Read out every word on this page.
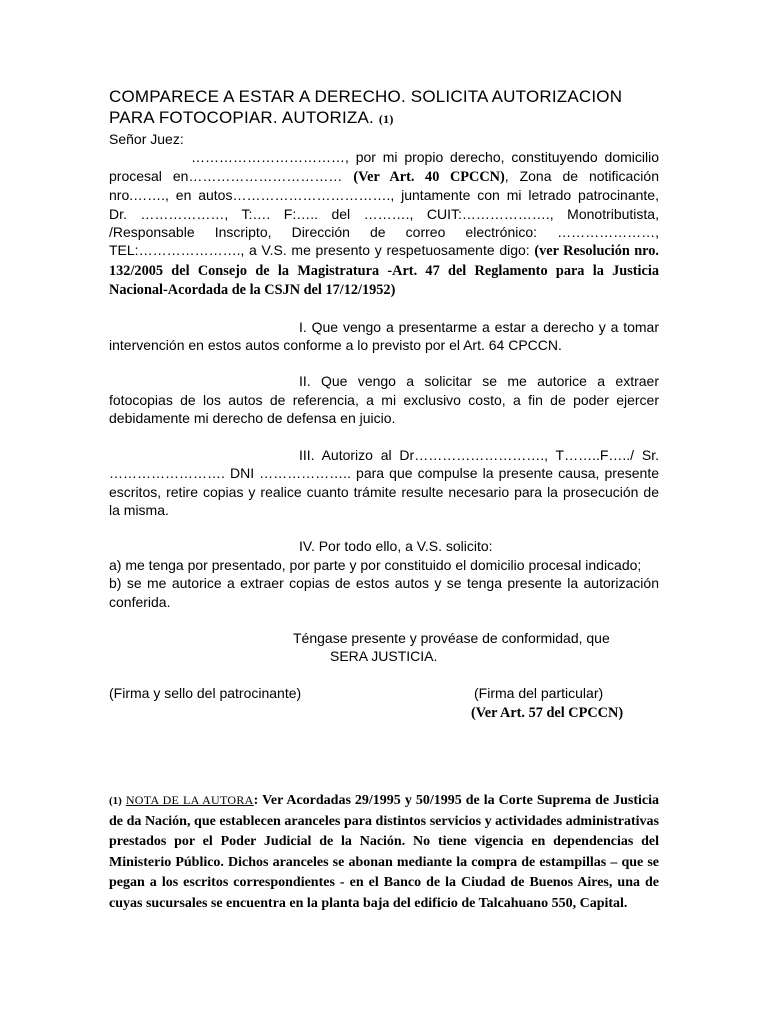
COMPARECE A ESTAR A DERECHO. SOLICITA AUTORIZACION PARA FOTOCOPIAR. AUTORIZA. (1)

Señor Juez:

……………………………, por mi propio derecho, constituyendo domicilio procesal en…………………………… (Ver Art. 40 CPCCN), Zona de notificación nro.……., en autos……………………………., juntamente con mi letrado patrocinante, Dr. ………………, T:…. F:….. del ………., CUIT:………………., Monotributista, /Responsable Inscripto, Dirección de correo electrónico: …………………, TEL:…………………., a V.S. me presento y respetuosamente digo: (ver Resolución nro. 132/2005 del Consejo de la Magistratura -Art. 47 del Reglamento para la Justicia Nacional-Acordada de la CSJN del 17/12/1952)

I. Que vengo a presentarme a estar a derecho y a tomar intervención en estos autos conforme a lo previsto por el Art. 64 CPCCN.

II. Que vengo a solicitar se me autorice a extraer fotocopias de los autos de referencia, a mi exclusivo costo, a fin de poder ejercer debidamente mi derecho de defensa en juicio.

III. Autorizo al Dr………………………., T……..F…../ Sr. ……………………. DNI ……………….. para que compulse la presente causa, presente escritos, retire copias y realice cuanto trámite resulte necesario para la prosecución de la misma.

IV. Por todo ello, a V.S. solicito:

a) me tenga por presentado, por parte y por constituido el domicilio procesal indicado;

b) se me autorice a extraer copias de estos autos y se tenga presente la autorización conferida.

Téngase presente y provéase de conformidad, que

SERA JUSTICIA.

(Firma y sello del patrocinante)	(Firma del particular)
(Ver Art. 57 del CPCCN)

(1) NOTA DE LA AUTORA: Ver Acordadas 29/1995 y 50/1995 de la Corte Suprema de Justicia de da Nación, que establecen aranceles para distintos servicios y actividades administrativas prestados por el Poder Judicial de la Nación. No tiene vigencia en dependencias del Ministerio Público. Dichos aranceles se abonan mediante la compra de estampillas – que se pegan a los escritos correspondientes - en el Banco de la Ciudad de Buenos Aires, una de cuyas sucursales se encuentra en la planta baja del edificio de Talcahuano 550, Capital.
